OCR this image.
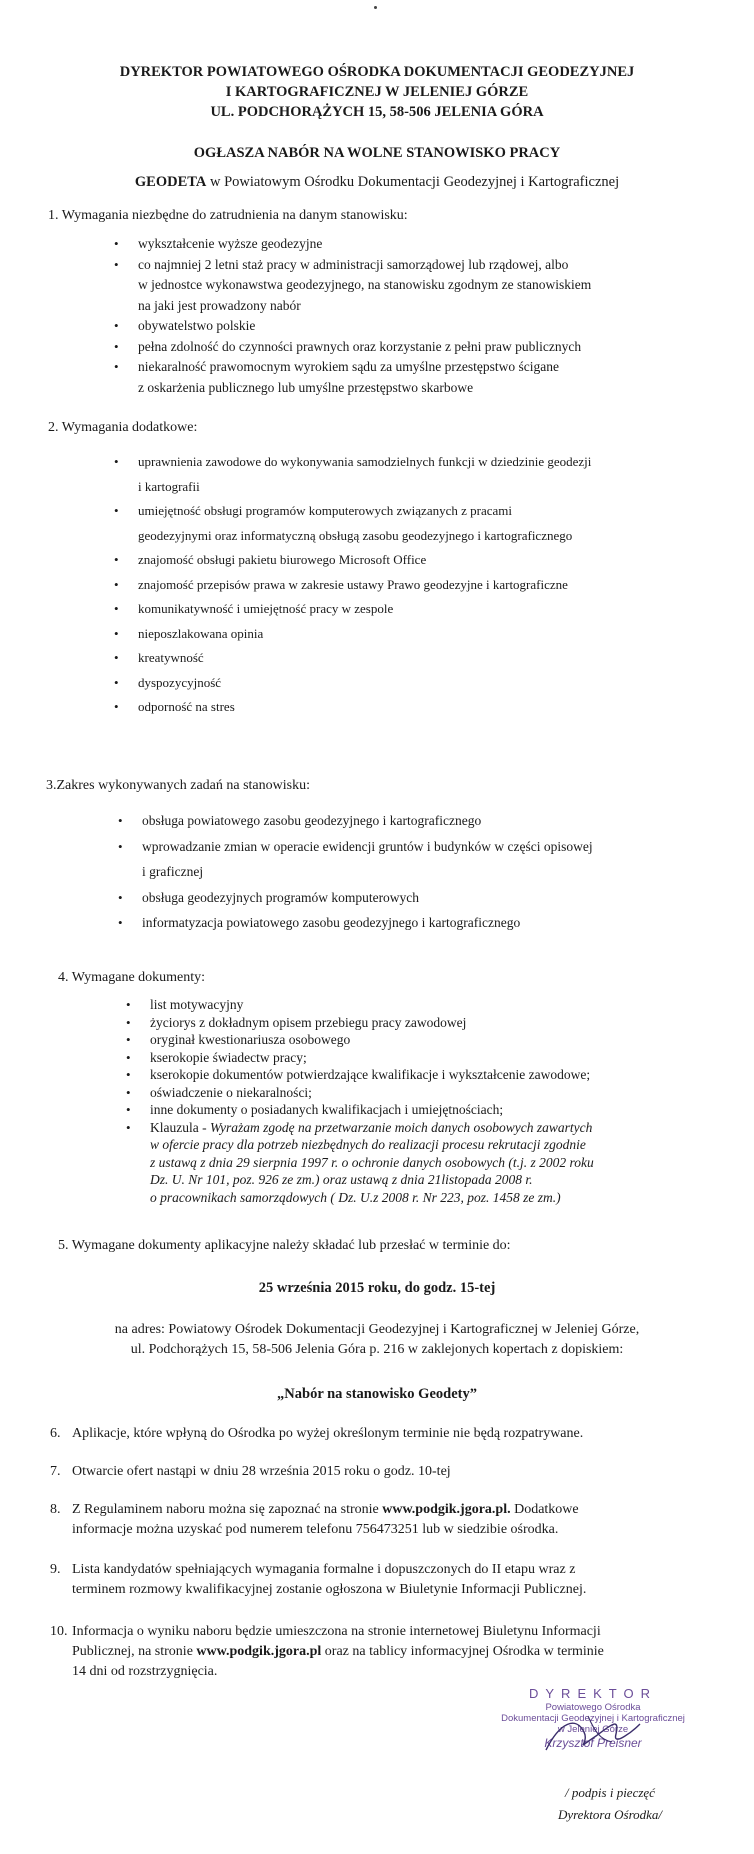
DYREKTOR POWIATOWEGO OŚRODKA DOKUMENTACJI GEODEZYJNEJ
I KARTOGRAFICZNEJ W JELENIEJ GÓRZE
UL. PODCHORĄŻYCH 15, 58-506 JELENIA GÓRA
OGŁASZA NABÓR NA WOLNE STANOWISKO PRACY
GEODETA w Powiatowym Ośrodku Dokumentacji Geodezyjnej i Kartograficznej
1. Wymagania niezbędne do zatrudnienia na danym stanowisku:
• wykształcenie wyższe geodezyjne
• co najmniej 2 letni staż pracy w administracji samorządowej lub rządowej, albo
w jednostce wykonawstwa geodezyjnego, na stanowisku zgodnym ze stanowiskiem
na jaki jest prowadzony nabór
• obywatelstwo polskie
• pełna zdolność do czynności prawnych oraz korzystanie z pełni praw publicznych
• niekaralność prawomocnym wyrokiem sądu za umyślne przestępstwo ścigane
z oskarżenia publicznego lub umyślne przestępstwo skarbowe
2. Wymagania dodatkowe:
• uprawnienia zawodowe do wykonywania samodzielnych funkcji w dziedzinie geodezji
i kartografii
• umiejętność obsługi programów komputerowych związanych z pracami
geodezyjnymi oraz informatyczną obsługą zasobu geodezyjnego i kartograficznego
• znajomość obsługi pakietu biurowego Microsoft Office
• znajomość przepisów prawa w zakresie ustawy Prawo geodezyjne i kartograficzne
• komunikatywność i umiejętność pracy w zespole
• nieposzlakowana opinia
• kreatywność
• dyspozycyjność
• odporność na stres
3.Zakres wykonywanych zadań na stanowisku:
• obsługa powiatowego zasobu geodezyjnego i kartograficznego
• wprowadzanie zmian w operacie ewidencji gruntów i budynków w części opisowej
i graficznej
• obsługa geodezyjnych programów komputerowych
• informatyzacja powiatowego zasobu geodezyjnego i kartograficznego
4. Wymagane dokumenty:
• list motywacyjny
• życiorys z dokładnym opisem przebiegu pracy zawodowej
• oryginał kwestionariusza osobowego
• kserokopie świadectw pracy;
• kserokopie dokumentów potwierdzające kwalifikacje i wykształcenie zawodowe;
• oświadczenie o niekaralności;
• inne dokumenty o posiadanych kwalifikacjach i umiejętnościach;
• Klauzula - Wyrażam zgodę na przetwarzanie moich danych osobowych zawartych
w ofercie pracy dla potrzeb niezbędnych do realizacji procesu rekrutacji zgodnie
z ustawą z dnia 29 sierpnia 1997 r. o ochronie danych osobowych (t.j. z 2002 roku
Dz. U. Nr 101, poz. 926 ze zm.) oraz ustawą z dnia 21listopada 2008 r.
o pracownikach samorządowych ( Dz. U.z 2008 r. Nr 223, poz. 1458 ze zm.)
5. Wymagane dokumenty aplikacyjne należy składać lub przesłać w terminie do:
25 września 2015 roku, do godz. 15-tej
na adres: Powiatowy Ośrodek Dokumentacji Geodezyjnej i Kartograficznej w Jeleniej Górze,
ul. Podchorążych 15, 58-506 Jelenia Góra p. 216 w zaklejonych kopertach z dopiskiem:
„Nabór na stanowisko Geodety”
6. Aplikacje, które wpłyną do Ośrodka po wyżej określonym terminie nie będą rozpatrywane.
7. Otwarcie ofert nastąpi w dniu 28 września 2015 roku o godz. 10-tej
8. Z Regulaminem naboru można się zapoznać na stronie www.podgik.jgora.pl. Dodatkowe
informacje można uzyskać pod numerem telefonu 756473251 lub w siedzibie ośrodka.
9. Lista kandydatów spełniających wymagania formalne i dopuszczonych do II etapu wraz z
terminem rozmowy kwalifikacyjnej zostanie ogłoszona w Biuletynie Informacji Publicznej.
10. Informacja o wyniku naboru będzie umieszczona na stronie internetowej Biuletynu Informacji
Publicznej, na stronie www.podgik.jgora.pl oraz na tablicy informacyjnej Ośrodka w terminie
14 dni od rozstrzygnięcia.
DYREKTOR
Powiatowego Ośrodka
Dokumentacji Geodezyjnej i Kartograficznej
w Jeleniej Górze
Krzysztof Preisner
/ podpis i pieczęć
Dyrektora Ośrodka/
